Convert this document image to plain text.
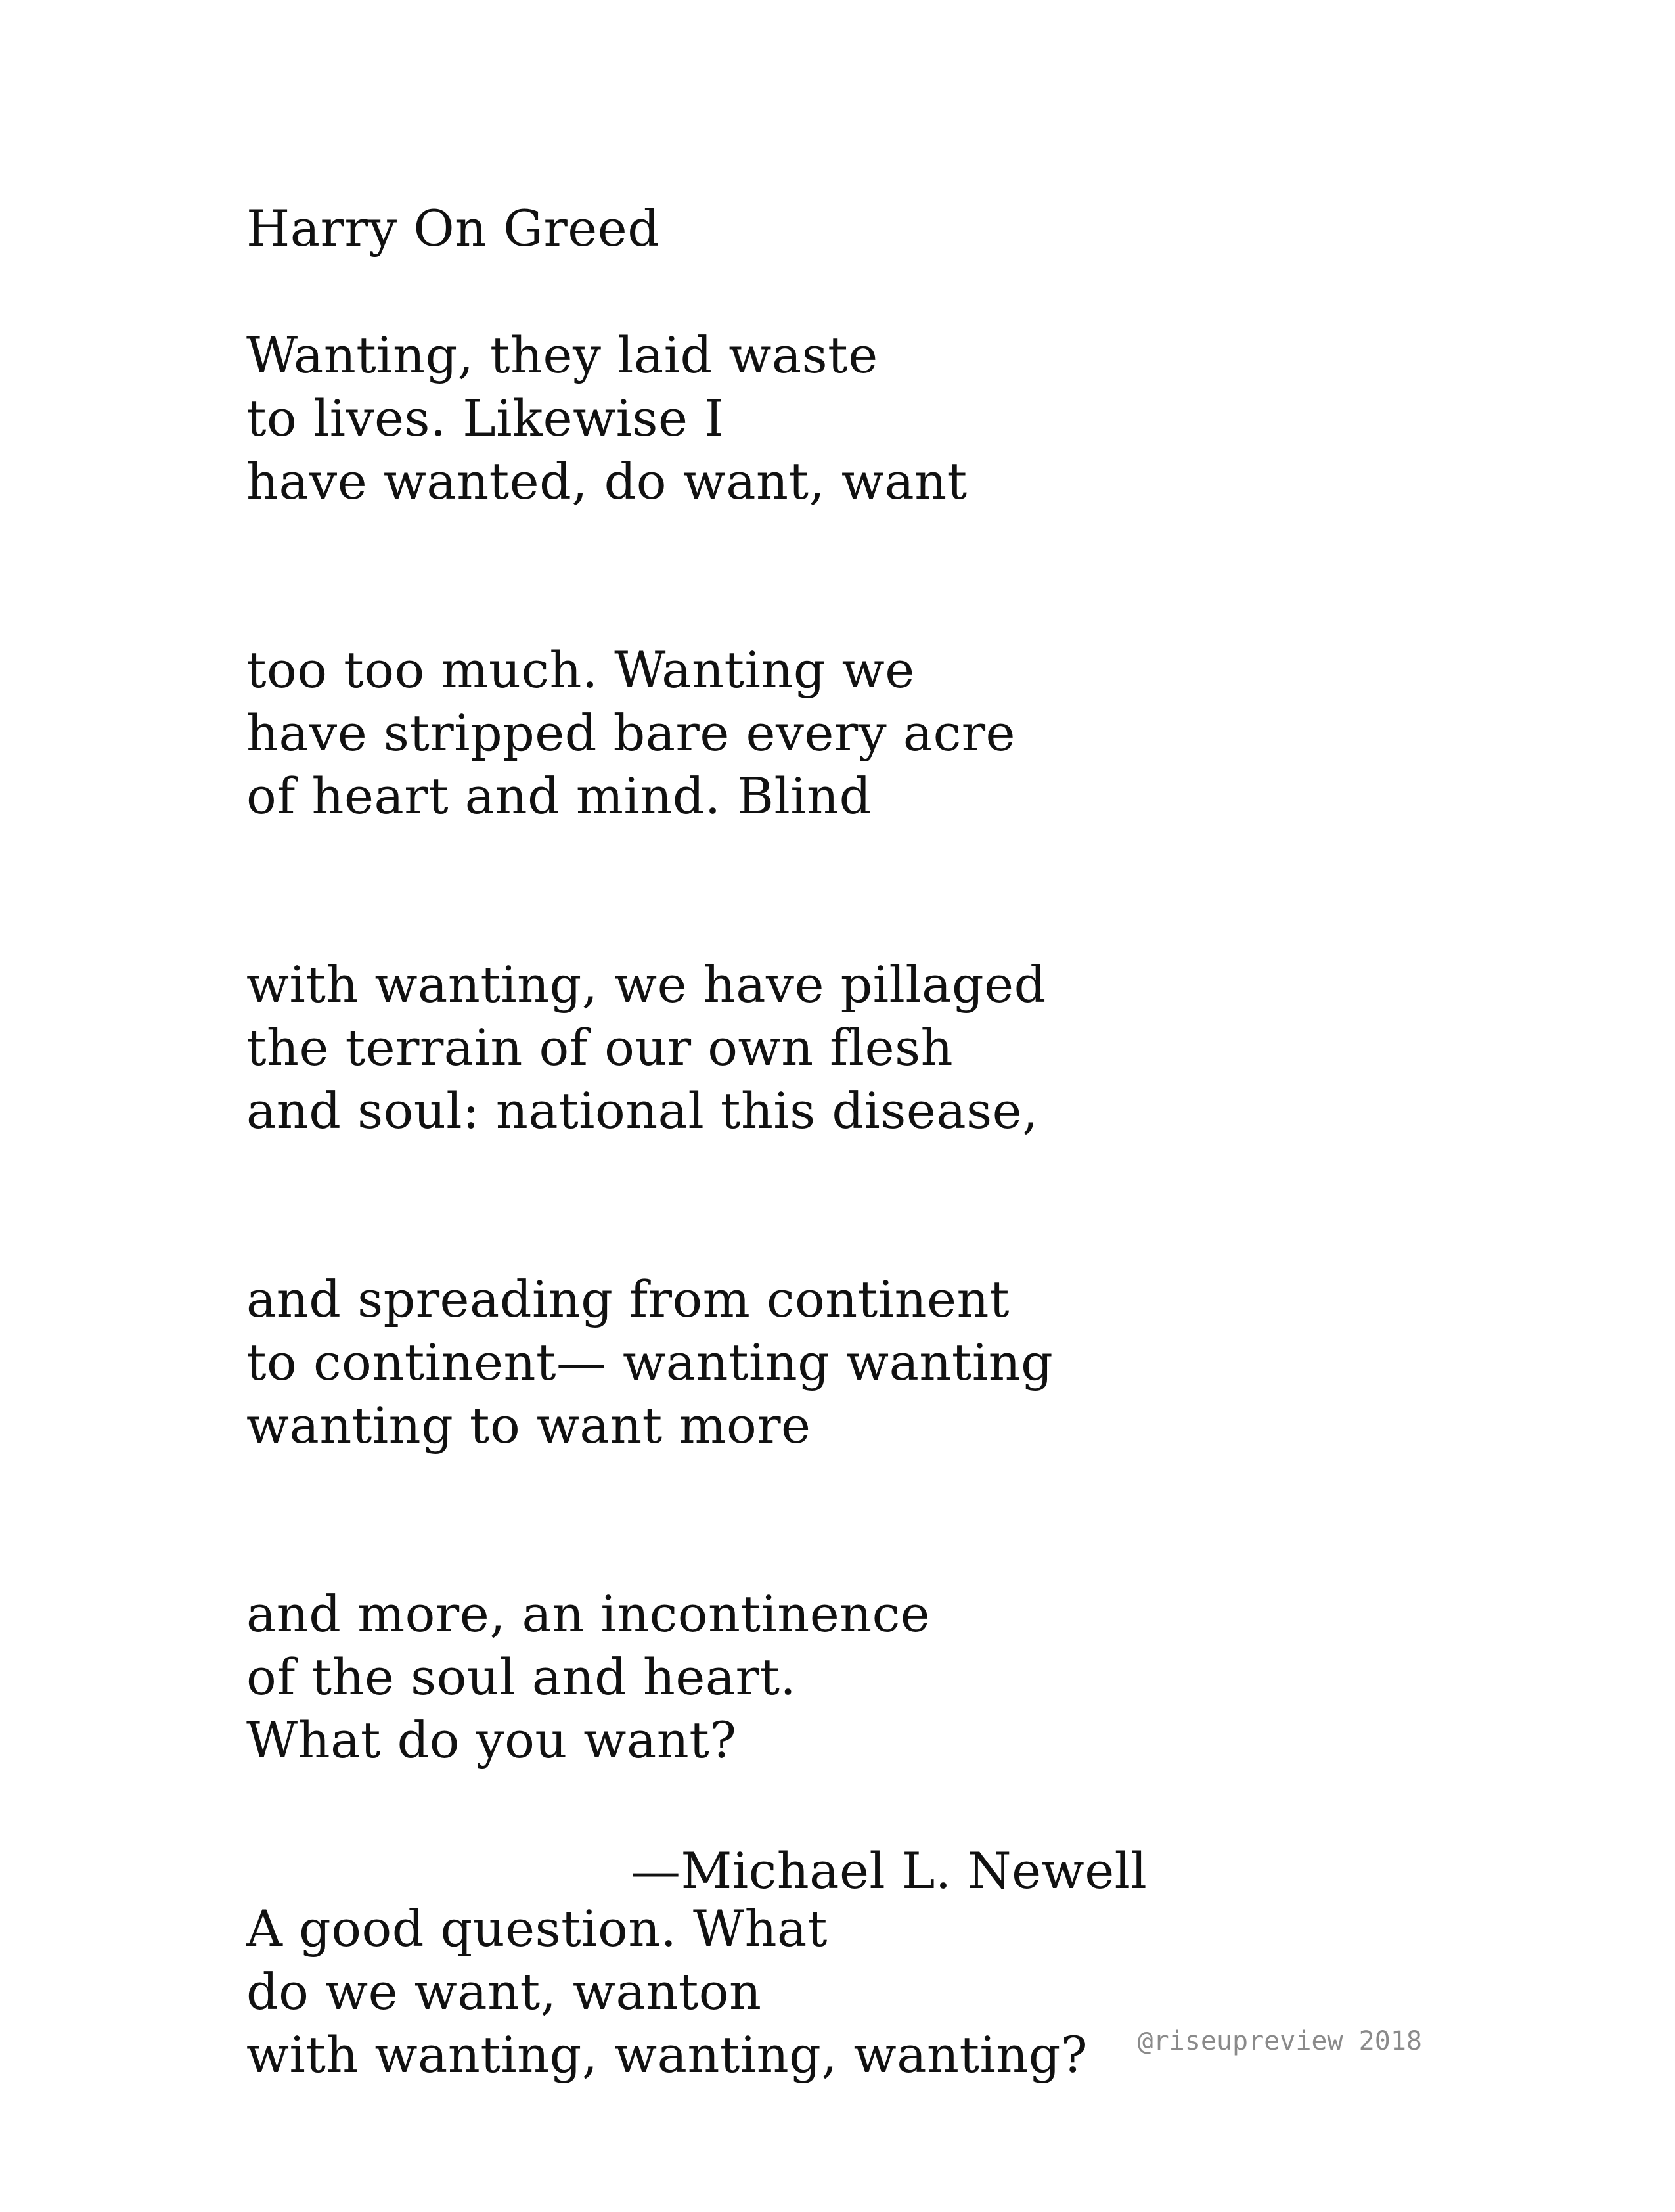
Harry On Greed
Wanting, they laid waste
to lives. Likewise I
have wanted, do want, want
too too much. Wanting we
have stripped bare every acre
of heart and mind. Blind
with wanting, we have pillaged
the terrain of our own flesh
and soul: national this disease,
and spreading from continent
to continent— wanting wanting
wanting to want more
and more, an incontinence
of the soul and heart.
What do you want?
A good question. What
do we want, wanton
with wanting, wanting, wanting?
—Michael L. Newell
@riseupreview 2018
